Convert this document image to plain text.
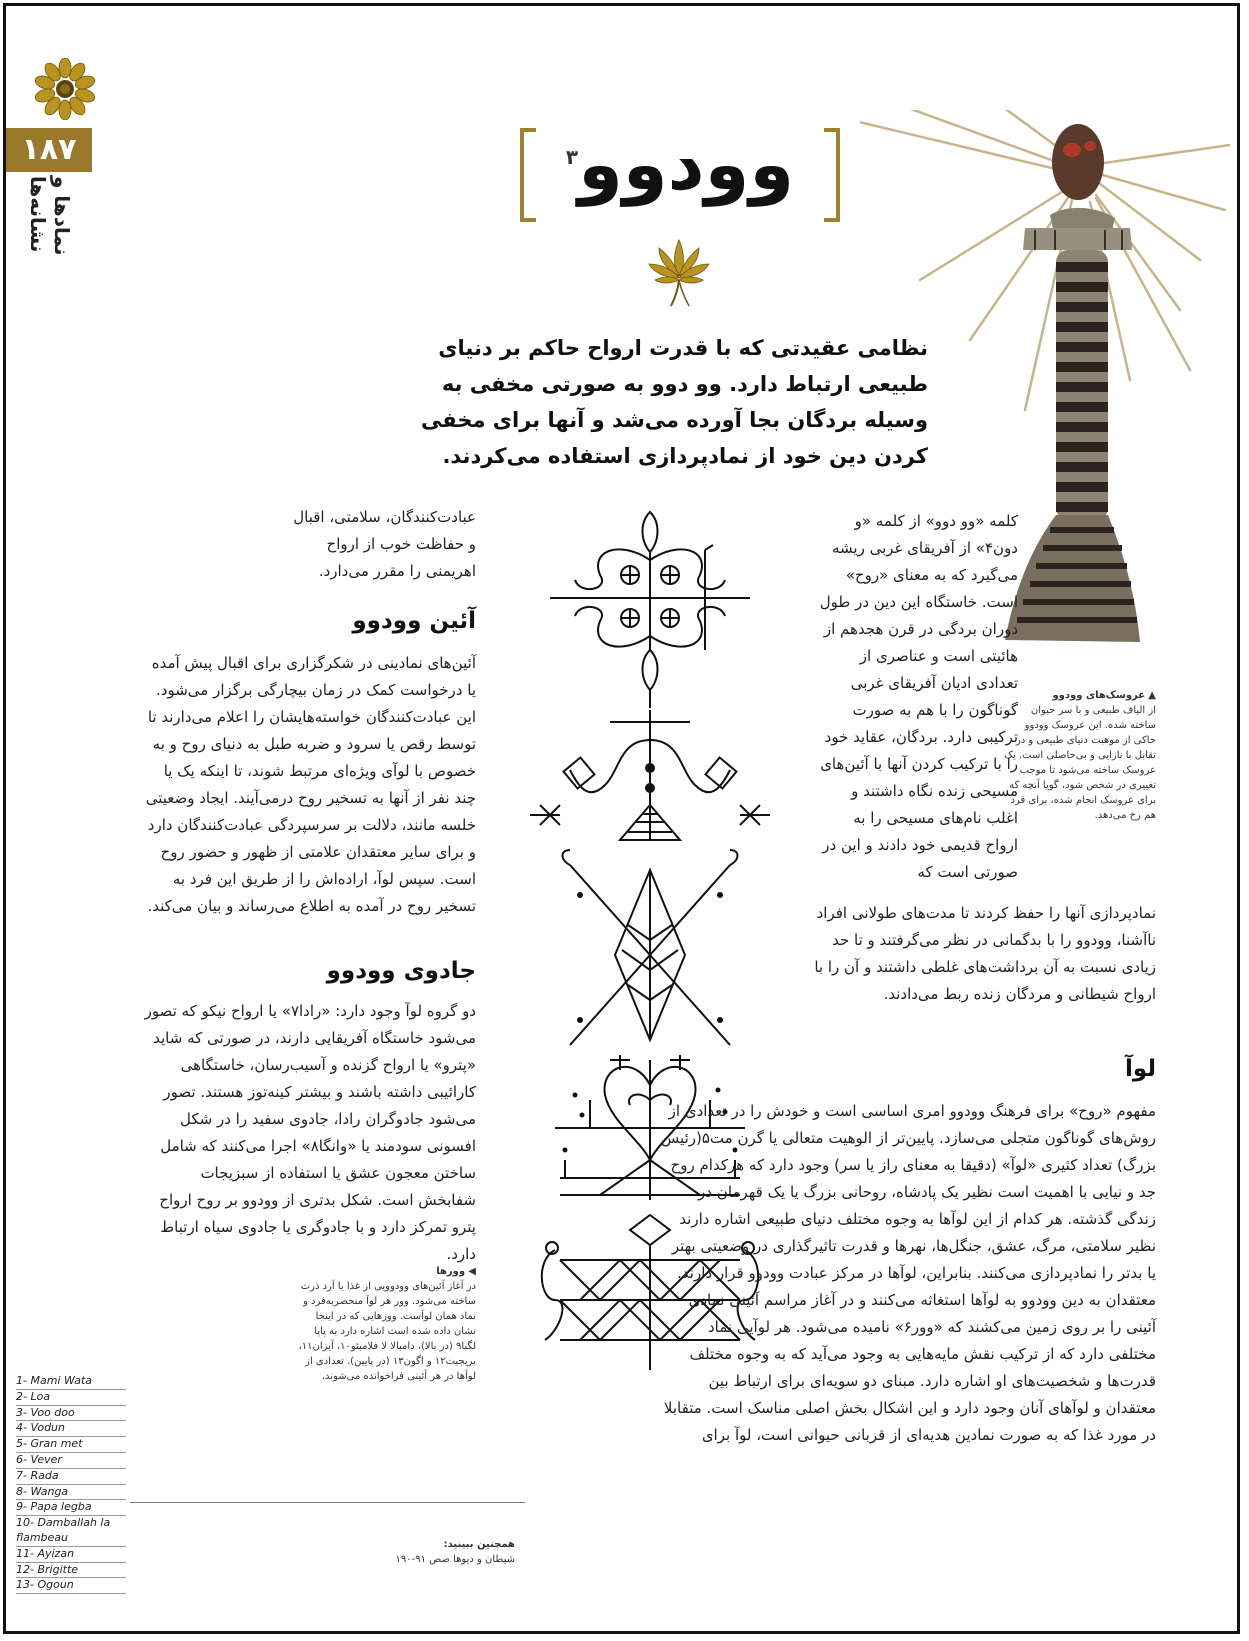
۱۸۷
نمادها و نشانه‌ها
وودوو$^۳$
نظامی عقیدتی که با قدرت ارواح حاکم بر دنیای طبیعی ارتباط دارد. وو دوو به صورتی مخفی به وسیله بردگان بجا آورده می‌شد و آنها برای مخفی کردن دین خود از نمادپردازی استفاده می‌کردند.
کلمه «وو دوو» از کلمه «و دون۴» از آفریقای غربی ریشه می‌گیرد که به معنای «روح» است. خاستگاه این دین در طول دوران بردگی در قرن هجدهم از هائیتی است و عناصری از تعدادی ادیان آفریقای غربی گوناگون را با هم به صورت ترکیبی دارد. بردگان، عقاید خود را با ترکیب کردن آنها با آئین‌های مسیحی زنده نگاه داشتند و اغلب نام‌های مسیحی را به ارواح قدیمی خود دادند و این در صورتی است که
نمادپردازی آنها را حفظ کردند تا مدت‌های طولانی افراد ناآشنا، وودوو را با بدگمانی در نظر می‌گرفتند و تا حد زیادی نسبت به آن برداشت‌های غلطی داشتند و آن را با ارواح شیطانی و مردگان زنده ربط می‌دادند.
لوآ
▲ عروسک‌های وودوو
از الیاف طبیعی و با سر حیوان ساخته شده. این عروسک وودوو حاکی از موهبت دنیای طبیعی و در تقابل با نازایی و بی‌حاصلی است. یک عروسک ساخته می‌شود تا موجب تغییری در شخص شود، گویا آنچه که برای عروسک انجام شده، برای فرد هم رخ می‌دهد.
عبادت‌کنندگان، سلامتی، اقبال و حفاظت خوب از ارواح اهریمنی را مقرر می‌دارد.
آئین وودوو
آئین‌های نمادینی در شکرگزاری برای اقبال پیش آمده یا درخواست کمک در زمان بیچارگی برگزار می‌شود. این عبادت‌کنندگان خواسته‌هایشان را اعلام می‌دارند تا توسط رقص یا سرود و ضربه طبل به دنیای روح و به خصوص با لوآی ویژه‌ای مرتبط شوند، تا اینکه یک یا چند نفر از آنها به تسخیر روح درمی‌آیند. ایجاد وضعیتی خلسه مانند، دلالت بر سرسپردگی عبادت‌کنندگان دارد و برای سایر معتقدان علامتی از ظهور و حضور روح است. سپس لوآ، اراده‌اش را از طریق این فرد به تسخیر روح در آمده به اطلاع می‌رساند و بیان می‌کند.
جادوی وودوو
دو گروه لوآ وجود دارد: «رادا۷» یا ارواح نیکو که تصور می‌شود خاستگاه آفریقایی دارند، در صورتی که شاید «پترو» یا ارواح گزنده و آسیب‌رسان، خاستگاهی کارائیبی داشته باشند و بیشتر کینه‌توز هستند. تصور می‌شود جادوگران رادا، جادوی سفید را در شکل افسونی سودمند یا «وانگا۸» اجرا می‌کنند که شامل ساختن معجون عشق یا استفاده از سبزیجات شفابخش است. شکل بدتری از وودوو بر روح ارواح پترو تمرکز دارد و با جادوگری یا جادوی سیاه ارتباط دارد.
◀ وورها
در آغاز آئین‌های وودوویی از غذا یا آرد ذرت ساخته می‌شود. وور هر لوآ منحصربه‌فرد و نماد همان لوآست. وورهایی که در اینجا نشان داده شده است اشاره دارد به پاپا لگبا۹ (در بالا)، دامبالا لا فلامبئو۱۰، آیزان۱۱، بریجیت۱۲ و اگون۱۳ (در پایین). تعدادی از لوآها در هر آئینی فراخوانده می‌شوند.
مفهوم «روح» برای فرهنگ وودوو امری اساسی است و خودش را در تعدادی از روش‌های گوناگون متجلی می‌سازد. پایین‌تر از الوهیت متعالی یا گرن مت۵(رئیس بزرگ) تعداد کثیری «لوآ» (دقیقا به معنای راز یا سر) وجود دارد که هرکدام روح جد و نیایی با اهمیت است نظیر یک پادشاه، روحانی بزرگ یا یک قهرمان در زندگی گذشته. هر کدام از این لوآها به وجوه مختلف دنیای طبیعی اشاره دارند نظیر سلامتی، مرگ، عشق، جنگل‌ها، نهرها و قدرت تاثیرگذاری در وضعیتی بهتر یا بدتر را نمادپردازی می‌کنند. بنابراین، لوآها در مرکز عبادت وودوو قرار دارند. معتقدان به دین وودوو به لوآها استغاثه می‌کنند و در آغاز مراسم آئینی نمادی آئینی را بر روی زمین می‌کشند که «وور۶» نامیده می‌شود. هر لوآیی نماد مختلفی دارد که از ترکیب نقش مایه‌هایی به وجود می‌آید که به وجوه مختلف قدرت‌ها و شخصیت‌های او اشاره دارد. مبنای دو سویه‌ای برای ارتباط بین معتقدان و لوآهای آنان وجود دارد و این اشکال بخش اصلی مناسک است. متقابلا در مورد غذا که به صورت نمادین هدیه‌ای از قربانی حیوانی است، لوآ برای
1- Mami Wata
2- Loa
3- Voo doo
4- Vodun
5- Gran met
6- Vever
7- Rada
8- Wanga
9- Papa legba
10- Damballah la flambeau
11- Ayizan
12- Brigitte
13- Ogoun
همچنین ببینید:
شیطان و دیوها صص ۹۱-۱۹۰
